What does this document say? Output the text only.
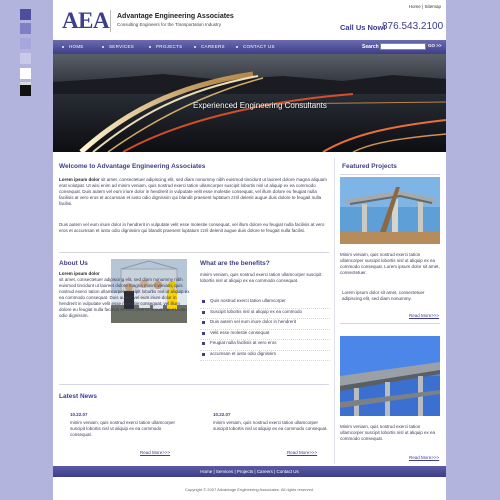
AEA Advantage Engineering Associates
Consulting Engineers for the Transportation Industry
Home | Sitemap
Call Us Now!
876.543.2100
HOME	SERVICES	PROJECTS	CAREERS	CONTACT US	Search	GO >>
Experienced Engineering Consultants
Welcome to Advantage Engineering Associates
Lorem ipsum dolor sit amet, consectetuer adipiscing elit, sed diam nonummy nibh euismod tincidunt ut laoreet dolore magna aliquam erat volutpat. Ut wisi enim ad minim veniam, quis nostrud exerci tation ullamcorper suscipit lobortis nisl ut aliquip ex ea commodo consequat. Duis autem vel eum iriure dolor in hendrerit in vulputate velit esse molestie consequat, vel illum dolore eu feugiat nulla facilisis at vero eros et accumsan et iusto odio dignissim qui blandit praesent luptatum zzril delenit augue duis dolore te feugait nulla facilisi.
Duis autem vel eum iriure dolor in hendrerit in vulputate velit esse molestie consequat, vel illum dolore eu feugiat nulla facilisis at vero eros et accumsan et iusto odio dignissim qui blandit praesent luptatum zzril delenit augue duis dolore te feugait nulla facilisi.
About Us
Lorem ipsum dolor
sit amet, consectetuer adipiscing elit, sed diam nonummy nibh euismod tincidunt ut laoreet dolore magna minim veniam, quis nostrud exerci tation ullamcorper suscipit lobortis nisl ut aliquip ex ea commodo consequat. Duis autem vel eum iriure dolor in hendrerit in vulputate velit esse molestie consequat, vel illum dolore eu feugiat nulla facilisis at vero eros et accumsan et iusto odio dignissim.
What are the benefits?
minim veniam, quis nostrud exerci tation ullamcorper suscipit lobortis nisl ut aliquip ex ea commodo consequat.
Quis nostrud exerci tation ullamcorper
Suscipit lobortis nisl ut aliquip ex ea commodo
Duis autem vel eum iriure dolor in hendrerit
Velit esse molestie consequat
Feugiat nulla facilisis at vero eros
accumsan et iusto odio dignissim
Latest News
10.22.07
minim veniam, quis nostrud exerci tation ullamcorper suscipit lobortis nisl ut aliquip ex ea commodo consequat.
Read More>>>
10.22.07
minim veniam, quis nostrud exerci tation ullamcorper suscipit lobortis nisl ut aliquip ex ea commodo consequat.
Read More>>>
Featured Projects
Minim veniam, quis nostrud exerci tation ullamcorper suscipit lobortis nisl ut aliquip ex ea commodo consequat. Lorem ipsum dolor sit amet, consectetuer.
Lorem ipsum dolor sit amet, consectetuer adipiscing elit, sed diam nonummy.
Read More>>>
Minim veniam, quis nostrud exerci tation ullamcorper suscipit lobortis nisl ut aliquip ex ea commodo consequat.
Read More>>>
Home | Services | Projects | Careers | Contact Us
Copyright © 2007 Advantage Engineering Associates. All rights reserved.
